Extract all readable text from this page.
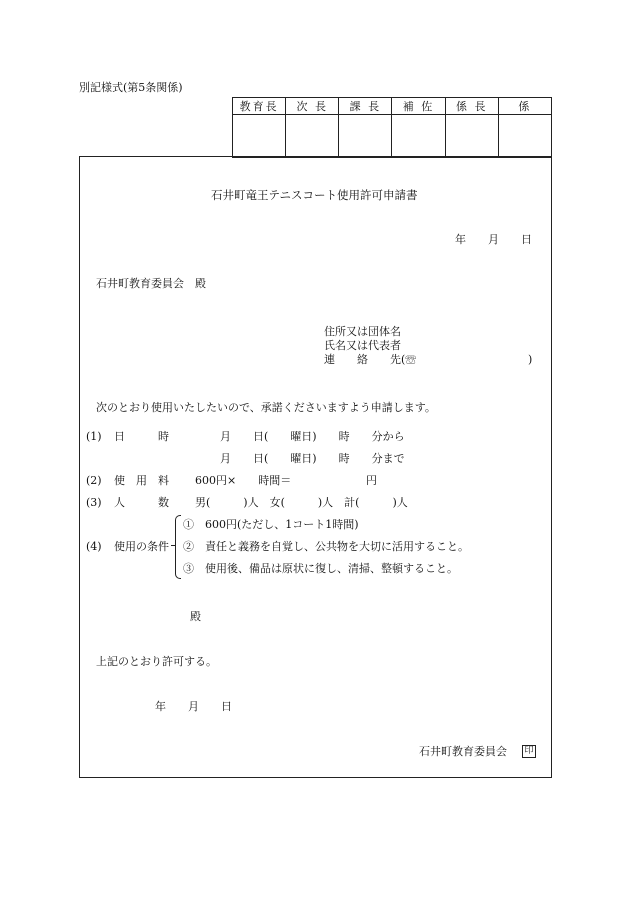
別記様式(第5条関係)
教育長	次 長	課 長	補 佐	係 長	係

石井町竜王テニスコート使用許可申請書
年　　月　　日
石井町教育委員会　殿
住所又は団体名
氏名又は代表者
連　　絡　　先(☏	)
次のとおり使用いたしたいので、承諾くださいますよう申請します。
(1) 日　　　時	月　　日(　　曜日)　　時　　分から
月　　日(　　曜日)　　時　　分まで
(2) 使　用　料 600円×　　時間＝	円
(3) 人　　　数 男(　　　)人　女(　　　)人　計(　　　)人
(4) 使用の条件
①　600円(ただし、1コート1時間)
②　責任と義務を自覚し、公共物を大切に活用すること。
③　使用後、備品は原状に復し、清掃、整頓すること。
殿
上記のとおり許可する。
年　　月　　日
石井町教育委員会 印
